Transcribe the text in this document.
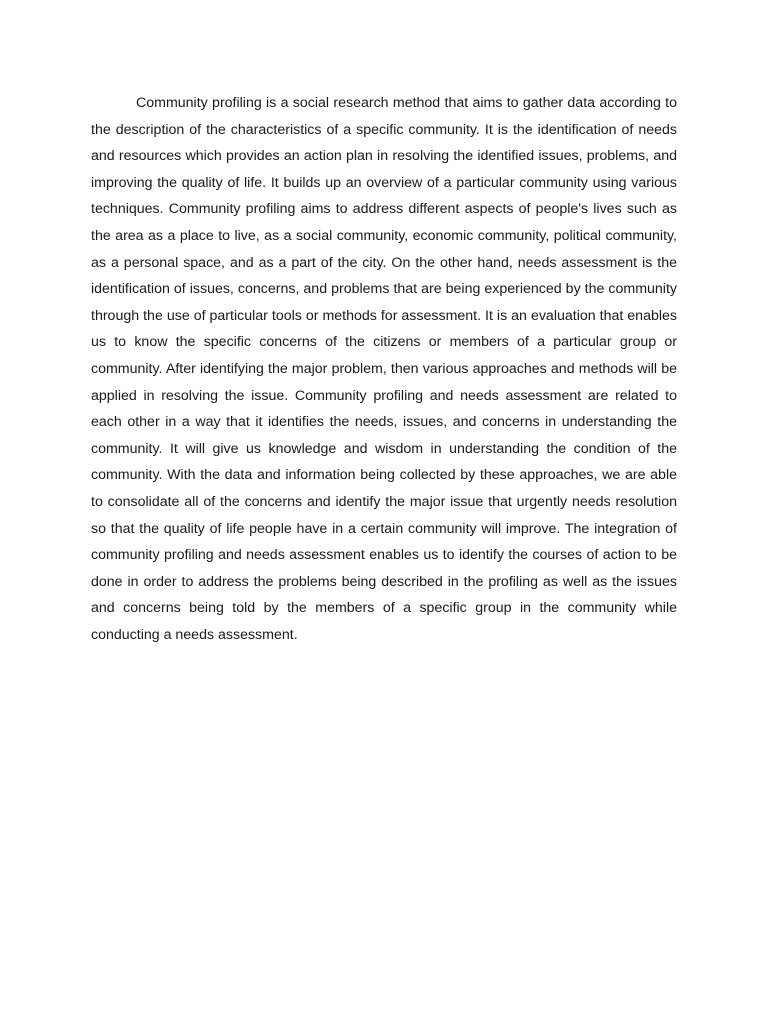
Community profiling is a social research method that aims to gather data according to the description of the characteristics of a specific community. It is the identification of needs and resources which provides an action plan in resolving the identified issues, problems, and improving the quality of life. It builds up an overview of a particular community using various techniques. Community profiling aims to address different aspects of people's lives such as the area as a place to live, as a social community, economic community, political community, as a personal space, and as a part of the city. On the other hand, needs assessment is the identification of issues, concerns, and problems that are being experienced by the community through the use of particular tools or methods for assessment. It is an evaluation that enables us to know the specific concerns of the citizens or members of a particular group or community. After identifying the major problem, then various approaches and methods will be applied in resolving the issue. Community profiling and needs assessment are related to each other in a way that it identifies the needs, issues, and concerns in understanding the community. It will give us knowledge and wisdom in understanding the condition of the community. With the data and information being collected by these approaches, we are able to consolidate all of the concerns and identify the major issue that urgently needs resolution so that the quality of life people have in a certain community will improve. The integration of community profiling and needs assessment enables us to identify the courses of action to be done in order to address the problems being described in the profiling as well as the issues and concerns being told by the members of a specific group in the community while conducting a needs assessment.
